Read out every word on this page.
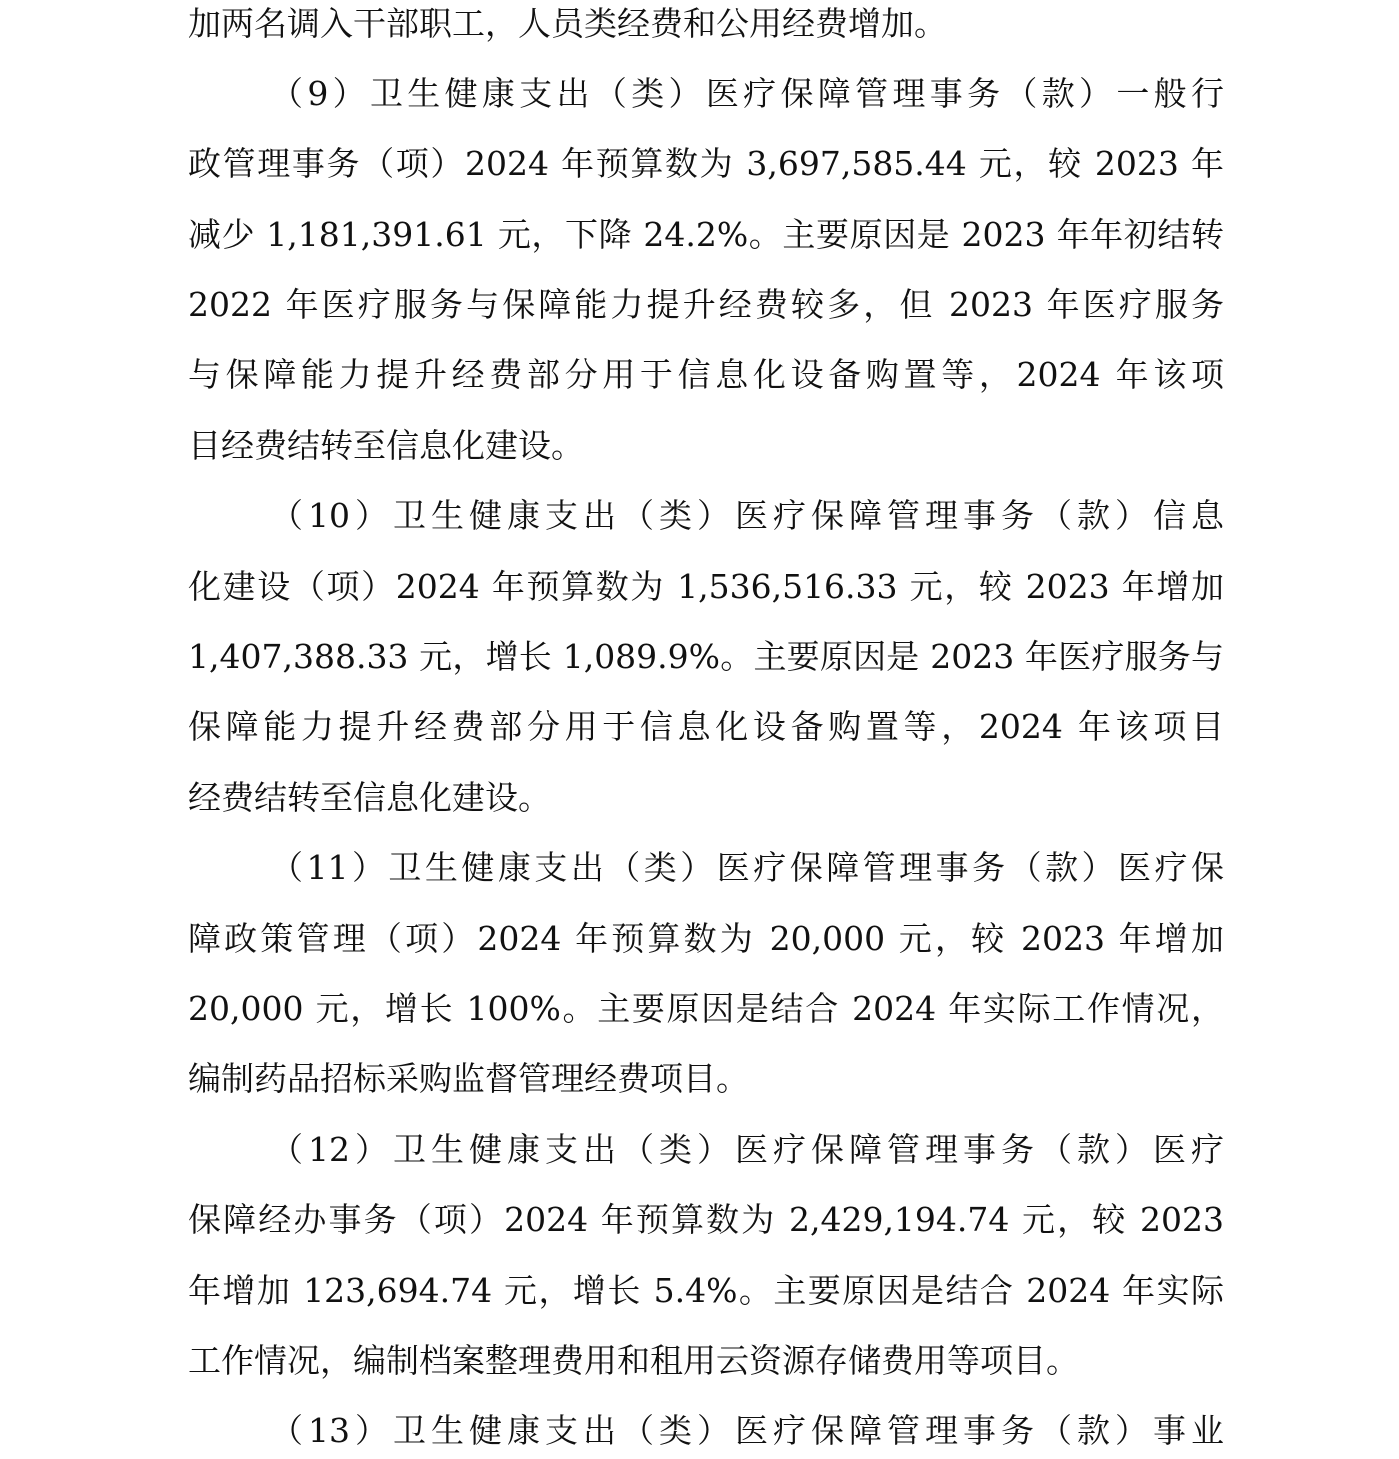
加两名调入干部职工，人员类经费和公用经费增加。
（9）卫生健康支出（类）医疗保障管理事务（款）一般行
政管理事务（项）2024 年预算数为 3,697,585.44 元，较 2023 年
减少 1,181,391.61 元，下降 24.2%。主要原因是 2023 年年初结转
2022 年医疗服务与保障能力提升经费较多，但 2023 年医疗服务
与保障能力提升经费部分用于信息化设备购置等，2024 年该项
目经费结转至信息化建设。
（10）卫生健康支出（类）医疗保障管理事务（款）信息
化建设（项）2024 年预算数为 1,536,516.33 元，较 2023 年增加
1,407,388.33 元，增长 1,089.9%。主要原因是 2023 年医疗服务与
保障能力提升经费部分用于信息化设备购置等，2024 年该项目
经费结转至信息化建设。
（11）卫生健康支出（类）医疗保障管理事务（款）医疗保
障政策管理（项）2024 年预算数为 20,000 元，较 2023 年增加
20,000 元，增长 100%。主要原因是结合 2024 年实际工作情况，
编制药品招标采购监督管理经费项目。
（12）卫生健康支出（类）医疗保障管理事务（款）医疗
保障经办事务（项）2024 年预算数为 2,429,194.74 元，较 2023
年增加 123,694.74 元，增长 5.4%。主要原因是结合 2024 年实际
工作情况，编制档案整理费用和租用云资源存储费用等项目。
（13）卫生健康支出（类）医疗保障管理事务（款）事业
